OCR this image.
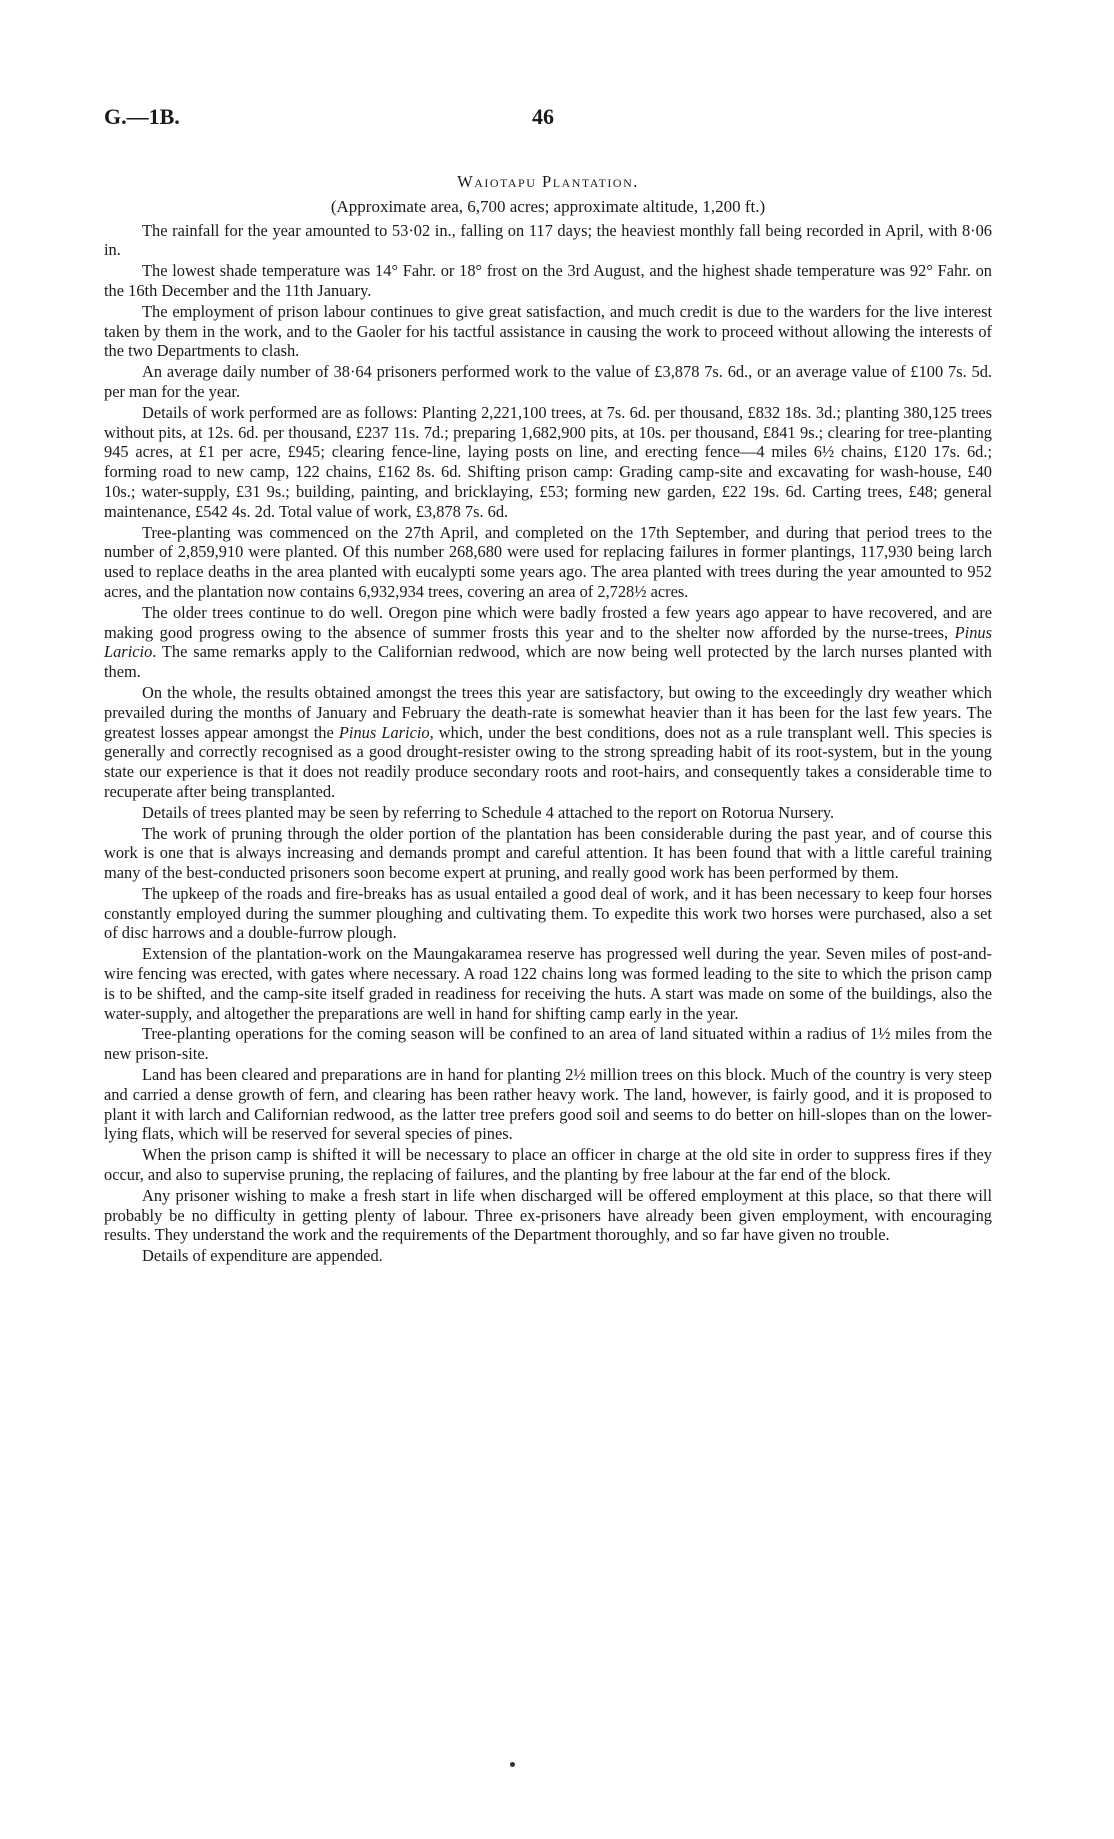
G.—1B.	46
Waiotapu Plantation.
(Approximate area, 6,700 acres; approximate altitude, 1,200 ft.)

The rainfall for the year amounted to 53·02 in., falling on 117 days; the heaviest monthly fall being recorded in April, with 8·06 in.

The lowest shade temperature was 14° Fahr. or 18° frost on the 3rd August, and the highest shade temperature was 92° Fahr. on the 16th December and the 11th January.

The employment of prison labour continues to give great satisfaction, and much credit is due to the warders for the live interest taken by them in the work, and to the Gaoler for his tactful assistance in causing the work to proceed without allowing the interests of the two Departments to clash.

An average daily number of 38·64 prisoners performed work to the value of £3,878 7s. 6d., or an average value of £100 7s. 5d. per man for the year.

Details of work performed are as follows: Planting 2,221,100 trees, at 7s. 6d. per thousand, £832 18s. 3d.; planting 380,125 trees without pits, at 12s. 6d. per thousand, £237 11s. 7d.; preparing 1,682,900 pits, at 10s. per thousand, £841 9s.; clearing for tree-planting 945 acres, at £1 per acre, £945; clearing fence-line, laying posts on line, and erecting fence—4 miles 6½ chains, £120 17s. 6d.; forming road to new camp, 122 chains, £162 8s. 6d. Shifting prison camp: Grading camp-site and excavating for wash-house, £40 10s.; water-supply, £31 9s.; building, painting, and bricklaying, £53; forming new garden, £22 19s. 6d. Carting trees, £48; general maintenance, £542 4s. 2d. Total value of work, £3,878 7s. 6d.

Tree-planting was commenced on the 27th April, and completed on the 17th September, and during that period trees to the number of 2,859,910 were planted. Of this number 268,680 were used for replacing failures in former plantings, 117,930 being larch used to replace deaths in the area planted with eucalypti some years ago. The area planted with trees during the year amounted to 952 acres, and the plantation now contains 6,932,934 trees, covering an area of 2,728½ acres.

The older trees continue to do well. Oregon pine which were badly frosted a few years ago appear to have recovered, and are making good progress owing to the absence of summer frosts this year and to the shelter now afforded by the nurse-trees, Pinus Laricio. The same remarks apply to the Californian redwood, which are now being well protected by the larch nurses planted with them.

On the whole, the results obtained amongst the trees this year are satisfactory, but owing to the exceedingly dry weather which prevailed during the months of January and February the death-rate is somewhat heavier than it has been for the last few years. The greatest losses appear amongst the Pinus Laricio, which, under the best conditions, does not as a rule transplant well. This species is generally and correctly recognised as a good drought-resister owing to the strong spreading habit of its root-system, but in the young state our experience is that it does not readily produce secondary roots and root-hairs, and consequently takes a considerable time to recuperate after being transplanted.

Details of trees planted may be seen by referring to Schedule 4 attached to the report on Rotorua Nursery.

The work of pruning through the older portion of the plantation has been considerable during the past year, and of course this work is one that is always increasing and demands prompt and careful attention. It has been found that with a little careful training many of the best-conducted prisoners soon become expert at pruning, and really good work has been performed by them.

The upkeep of the roads and fire-breaks has as usual entailed a good deal of work, and it has been necessary to keep four horses constantly employed during the summer ploughing and cultivating them. To expedite this work two horses were purchased, also a set of disc harrows and a double-furrow plough.

Extension of the plantation-work on the Maungakaramea reserve has progressed well during the year. Seven miles of post-and-wire fencing was erected, with gates where necessary. A road 122 chains long was formed leading to the site to which the prison camp is to be shifted, and the camp-site itself graded in readiness for receiving the huts. A start was made on some of the buildings, also the water-supply, and altogether the preparations are well in hand for shifting camp early in the year.

Tree-planting operations for the coming season will be confined to an area of land situated within a radius of 1½ miles from the new prison-site.

Land has been cleared and preparations are in hand for planting 2½ million trees on this block. Much of the country is very steep and carried a dense growth of fern, and clearing has been rather heavy work. The land, however, is fairly good, and it is proposed to plant it with larch and Californian redwood, as the latter tree prefers good soil and seems to do better on hill-slopes than on the lower-lying flats, which will be reserved for several species of pines.

When the prison camp is shifted it will be necessary to place an officer in charge at the old site in order to suppress fires if they occur, and also to supervise pruning, the replacing of failures, and the planting by free labour at the far end of the block.

Any prisoner wishing to make a fresh start in life when discharged will be offered employment at this place, so that there will probably be no difficulty in getting plenty of labour. Three ex-prisoners have already been given employment, with encouraging results. They understand the work and the requirements of the Department thoroughly, and so far have given no trouble.

Details of expenditure are appended.
